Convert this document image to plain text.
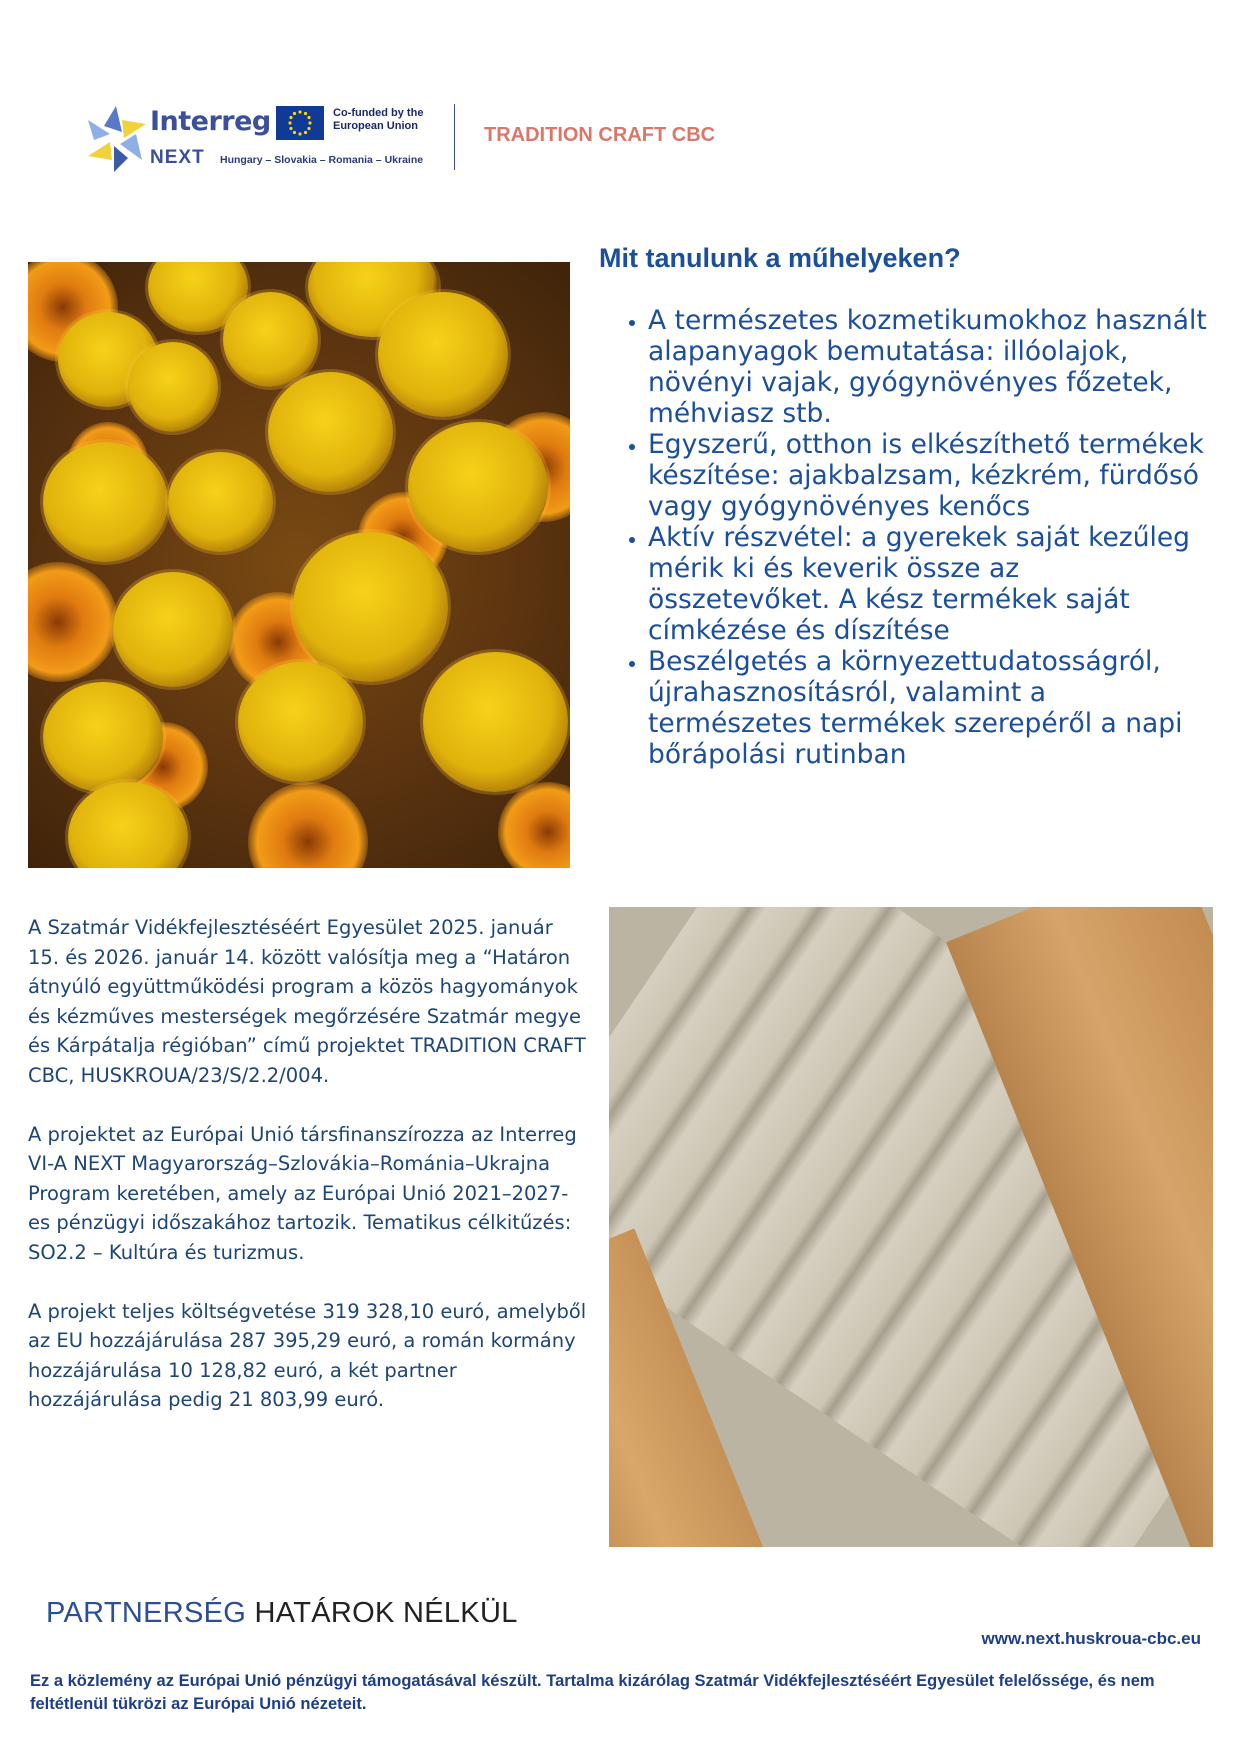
Interreg	Co-funded by the European Union
NEXT Hungary – Slovakia – Romania – Ukraine
TRADITION CRAFT CBC
Mit tanulunk a műhelyeken?
• A természetes kozmetikumokhoz használt alapanyagok bemutatása: illóolajok, növényi vajak, gyógynövényes főzetek, méhviasz stb.
• Egyszerű, otthon is elkészíthető termékek készítése: ajakbalzsam, kézkrém, fürdősó vagy gyógynövényes kenőcs
• Aktív részvétel: a gyerekek saját kezűleg mérik ki és keverik össze az összetevőket. A kész termékek saját címkézése és díszítése
• Beszélgetés a környezettudatosságról, újrahasznosításról, valamint a természetes termékek szerepéről a napi bőrápolási rutinban

A Szatmár Vidékfejlesztéséért Egyesület 2025. január 15. és 2026. január 14. között valósítja meg a “Határon átnyúló együttműködési program a közös hagyományok és kézműves mesterségek megőrzésére Szatmár megye és Kárpátalja régióban” című projektet TRADITION CRAFT CBC, HUSKROUA/23/S/2.2/004.

A projektet az Európai Unió társfinanszírozza az Interreg VI-A NEXT Magyarország–Szlovákia–Románia–Ukrajna Program keretében, amely az Európai Unió 2021–2027-es pénzügyi időszakához tartozik. Tematikus célkitűzés: SO2.2 – Kultúra és turizmus.

A projekt teljes költségvetése 319 328,10 euró, amelyből az EU hozzájárulása 287 395,29 euró, a román kormány hozzájárulása 10 128,82 euró, a két partner hozzájárulása pedig 21 803,99 euró.

PARTNERSÉG HATÁROK NÉLKÜL
www.next.huskroua-cbc.eu
Ez a közlemény az Európai Unió pénzügyi támogatásával készült. Tartalma kizárólag Szatmár Vidékfejlesztéséért Egyesület felelőssége, és nem feltétlenül tükrözi az Európai Unió nézeteit.
